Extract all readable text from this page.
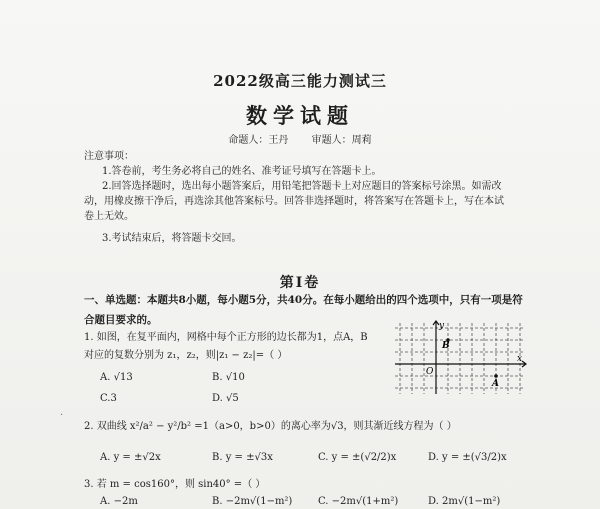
2022级高三能力测试三
数学试题
命题人：王丹 审题人：周莉
注意事项：
1.答卷前，考生务必将自己的姓名、准考证号填写在答题卡上。
2.回答选择题时，选出每小题答案后，用铅笔把答题卡上对应题目的答案标号涂黑。如需改
动，用橡皮擦干净后，再选涂其他答案标号。回答非选择题时，将答案写在答题卡上，写在本试
卷上无效。
3.考试结束后，将答题卡交回。
第Ⅰ卷
一、单选题：本题共8小题，每小题5分，共40分。在每小题给出的四个选项中，只有一项是符
合题目要求的。
1. 如图，在复平面内，网格中每个正方形的边长都为1，点A，B
对应的复数分别为 z₁，z₂，则|z₁ − z₂|=（ ）
A. √13	B. √10
C.3	D. √5
y
x
O
B
A
·
2. 双曲线 x²/a² − y²/b² =1（a>0，b>0）的离心率为√3，则其渐近线方程为（ ）
A. y = ±√2x	B. y = ±√3x	C. y = ±(√2/2)x	D. y = ±(√3/2)x
3. 若 m = cos160°，则 sin40° =（ ）
A. −2m	B. −2m√(1−m²)	C. −2m√(1+m²)	D. 2m√(1−m²)
